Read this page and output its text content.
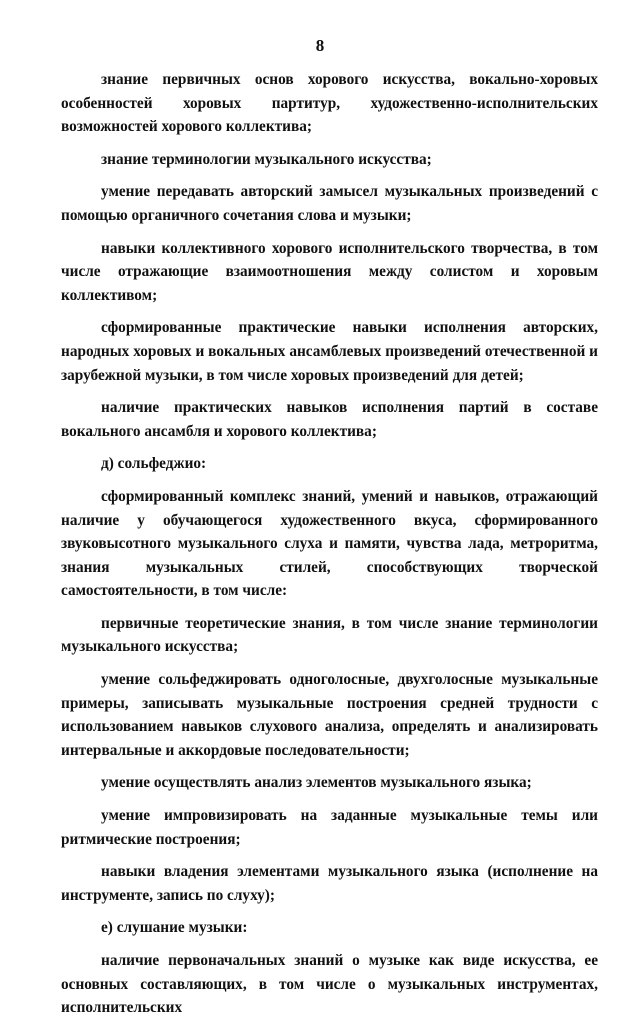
8

знание первичных основ хорового искусства, вокально-хоровых особенностей хоровых партитур, художественно-исполнительских возможностей хорового коллектива;

знание терминологии музыкального искусства;

умение передавать авторский замысел музыкальных произведений с помощью органичного сочетания слова и музыки;

навыки коллективного хорового исполнительского творчества, в том числе отражающие взаимоотношения между солистом и хоровым коллективом;

сформированные практические навыки исполнения авторских, народных хоровых и вокальных ансамблевых произведений отечественной и зарубежной музыки, в том числе хоровых произведений для детей;

наличие практических навыков исполнения партий в составе вокального ансамбля и хорового коллектива;

д) сольфеджио:

сформированный комплекс знаний, умений и навыков, отражающий наличие у обучающегося художественного вкуса, сформированного звуковысотного музыкального слуха и памяти, чувства лада, метроритма, знания музыкальных стилей, способствующих творческой самостоятельности, в том числе:

первичные теоретические знания, в том числе знание терминологии музыкального искусства;

умение сольфеджировать одноголосные, двухголосные музыкальные примеры, записывать музыкальные построения средней трудности с использованием навыков слухового анализа, определять и анализировать интервальные и аккордовые последовательности;

умение осуществлять анализ элементов музыкального языка;

умение импровизировать на заданные музыкальные темы или ритмические построения;

навыки владения элементами музыкального языка (исполнение на инструменте, запись по слуху);

е) слушание музыки:

наличие первоначальных знаний о музыке как виде искусства, ее основных составляющих, в том числе о музыкальных инструментах, исполнительских
